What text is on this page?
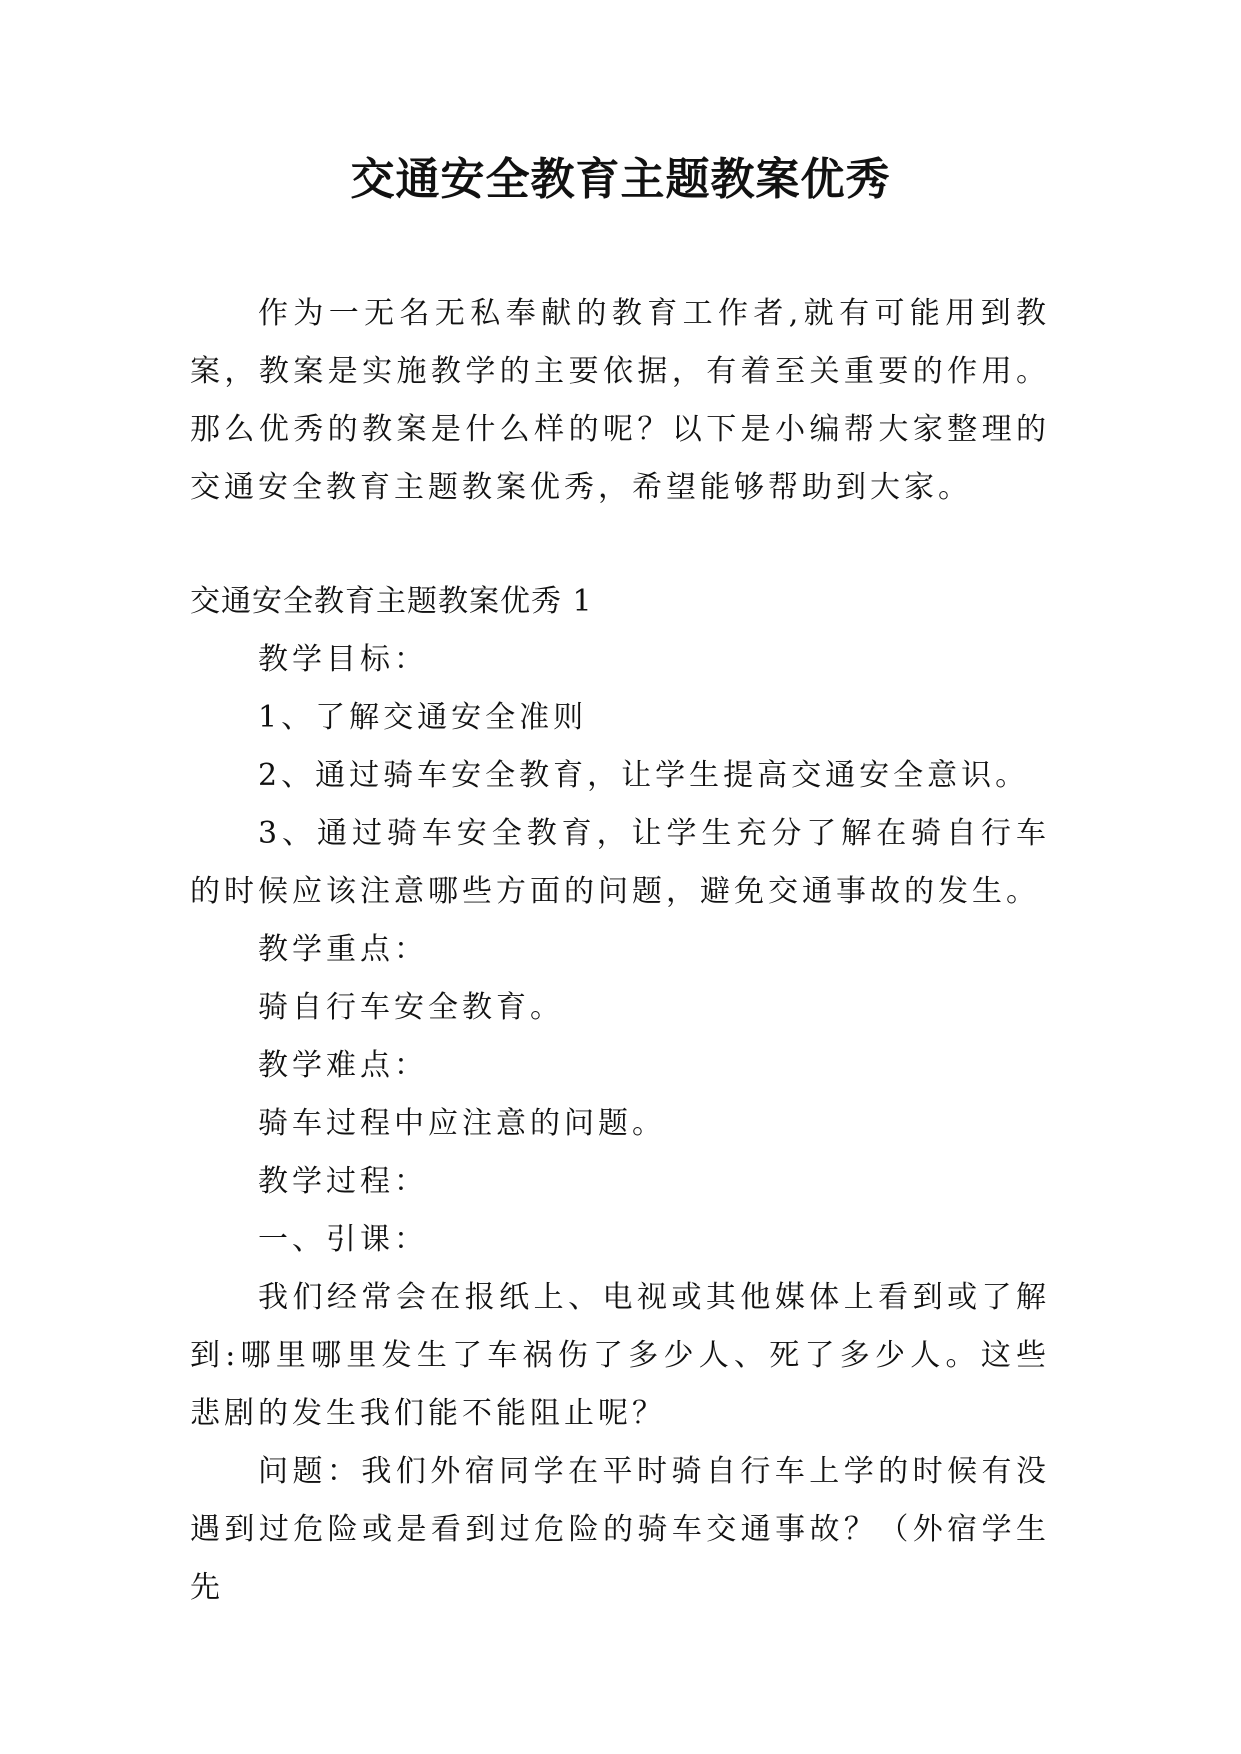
交通安全教育主题教案优秀

作为一无名无私奉献的教育工作者,就有可能用到教案，教案是实施教学的主要依据，有着至关重要的作用。那么优秀的教案是什么样的呢？以下是小编帮大家整理的交通安全教育主题教案优秀，希望能够帮助到大家。

交通安全教育主题教案优秀 1

教学目标：

1、了解交通安全准则

2、通过骑车安全教育，让学生提高交通安全意识。

3、通过骑车安全教育，让学生充分了解在骑自行车的时候应该注意哪些方面的问题，避免交通事故的发生。

教学重点：

骑自行车安全教育。

教学难点：

骑车过程中应注意的问题。

教学过程：

一、引课：

我们经常会在报纸上、电视或其他媒体上看到或了解到:哪里哪里发生了车祸伤了多少人、死了多少人。这些悲剧的发生我们能不能阻止呢？

问题：我们外宿同学在平时骑自行车上学的时候有没遇到过危险或是看到过危险的骑车交通事故？（外宿学生先
